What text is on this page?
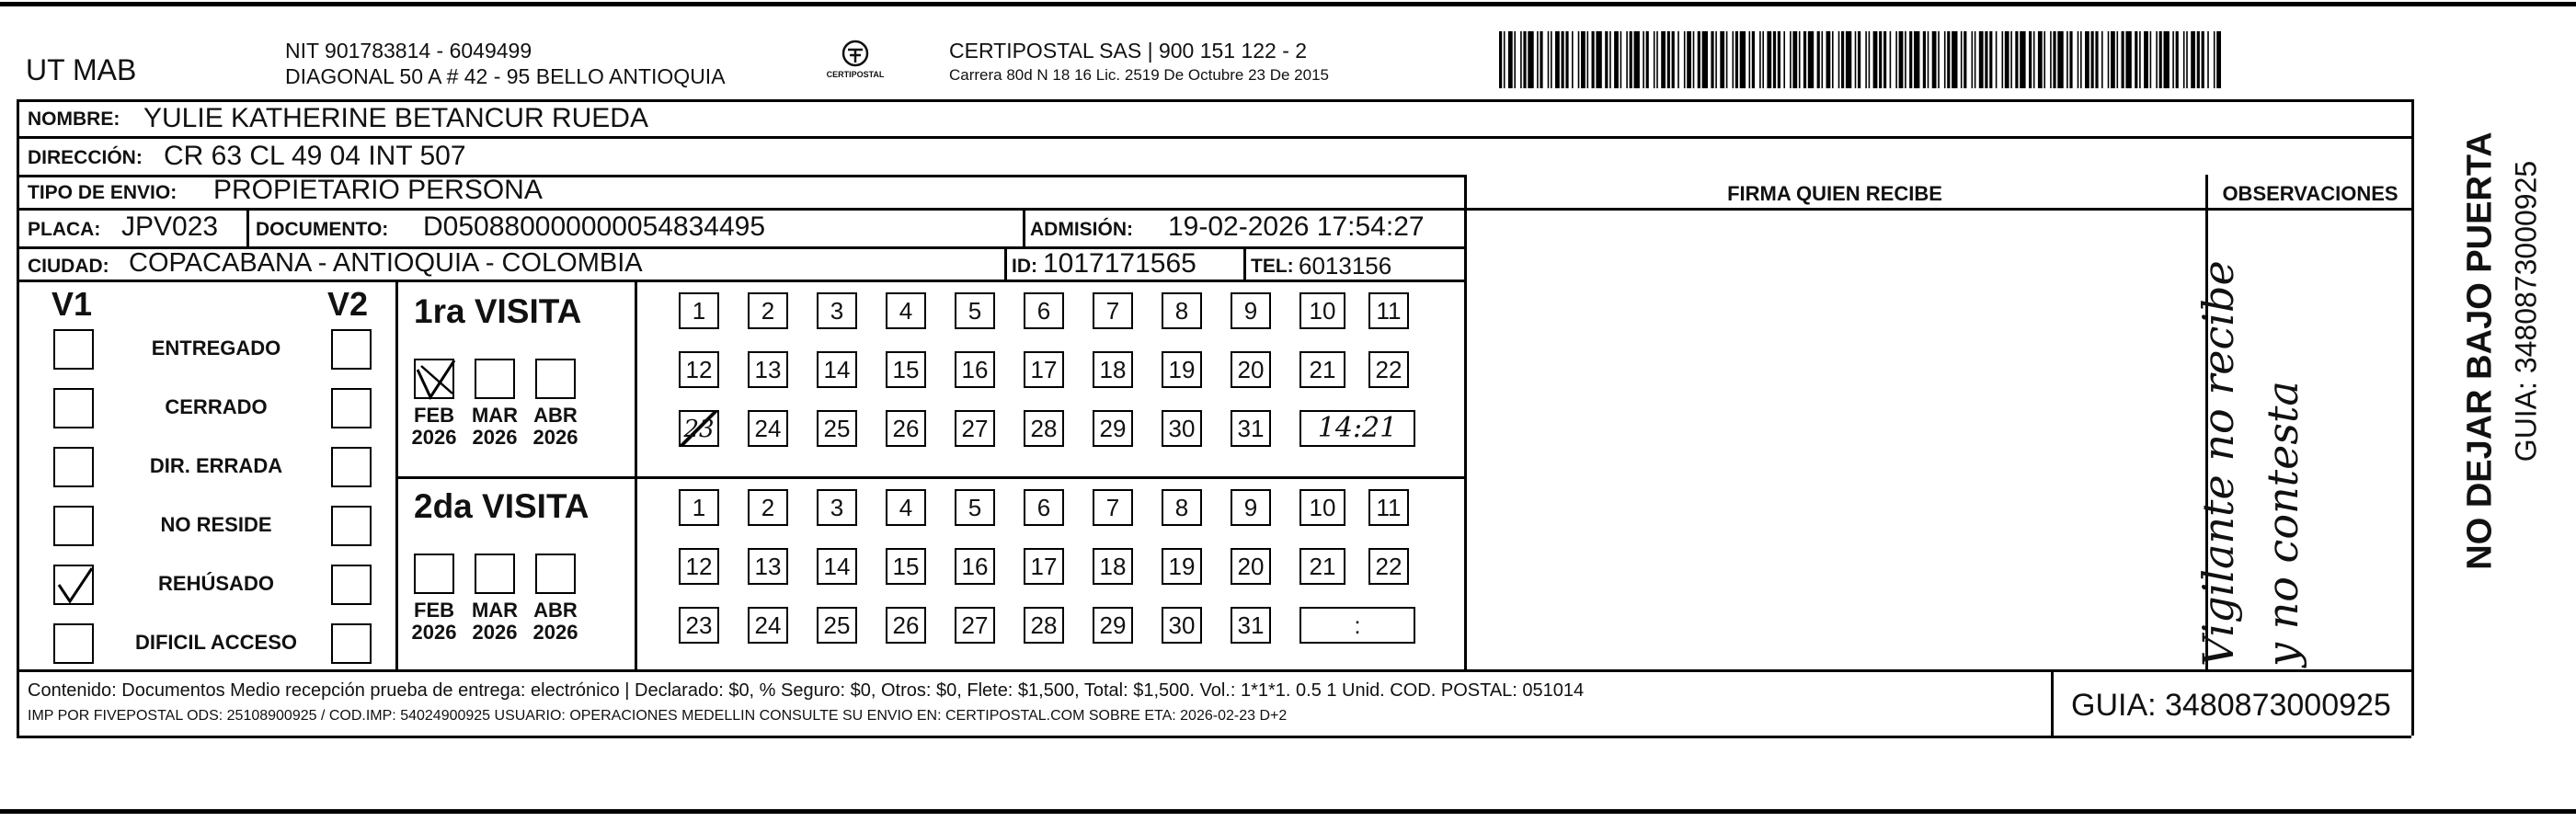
UT MAB
NIT 901783814 - 6049499
DIAGONAL 50 A # 42 - 95 BELLO ANTIOQUIA	CERTIPOSTAL
CERTIPOSTAL SAS | 900 151 122 - 2
Carrera 80d N 18 16 Lic. 2519 De Octubre 23 De 2015
NOMBRE: YULIE KATHERINE BETANCUR RUEDA
DIRECCIÓN: CR 63 CL 49 04 INT 507
TIPO DE ENVIO: PROPIETARIO PERSONA	FIRMA QUIEN RECIBE	OBSERVACIONES
PLACA: JPV023 DOCUMENTO: D050880000000054834495	ADMISIÓN: 19-02-2026 17:54:27
CIUDAD: COPACABANA - ANTIOQUIA - COLOMBIA	ID: 1017171565	TEL: 6013156
V1	V2
ENTREGADO
CERRADO
DIR. ERRADA
NO RESIDE
REHÚSADO
DIFICIL ACCESO
1ra VISITA
2da VISITA
FEB
2026
MAR
2026
ABR
2026
FEB
2026
MAR
2026
ABR
2026
1	2	3	4	5	6	7	8	9	10	11
12 13 14 15 16 17 18 19 20	21	22
23 24 25 26 27 28 29 30 31	14:21
1	2	3	4	5	6	7	8	9	10	11
12 13 14 15 16 17 18 19 20	21	22
23 24 25 26 27 28 29 30 31	:	Vigilante no recibe y no contesta
Contenido: Documentos Medio recepción prueba de entrega: electrónico | Declarado: $0, % Seguro: $0, Otros: $0, Flete: $1,500, Total: $1,500. Vol.: 1*1*1. 0.5 1 Unid. COD. POSTAL: 051014
IMP POR FIVEPOSTAL ODS: 25108900925 / COD.IMP: 54024900925 USUARIO: OPERACIONES MEDELLIN CONSULTE SU ENVIO EN: CERTIPOSTAL.COM SOBRE ETA: 2026-02-23 D+2	GUIA: 3480873000925
NO DEJAR BAJO PUERTA GUIA: 3480873000925
